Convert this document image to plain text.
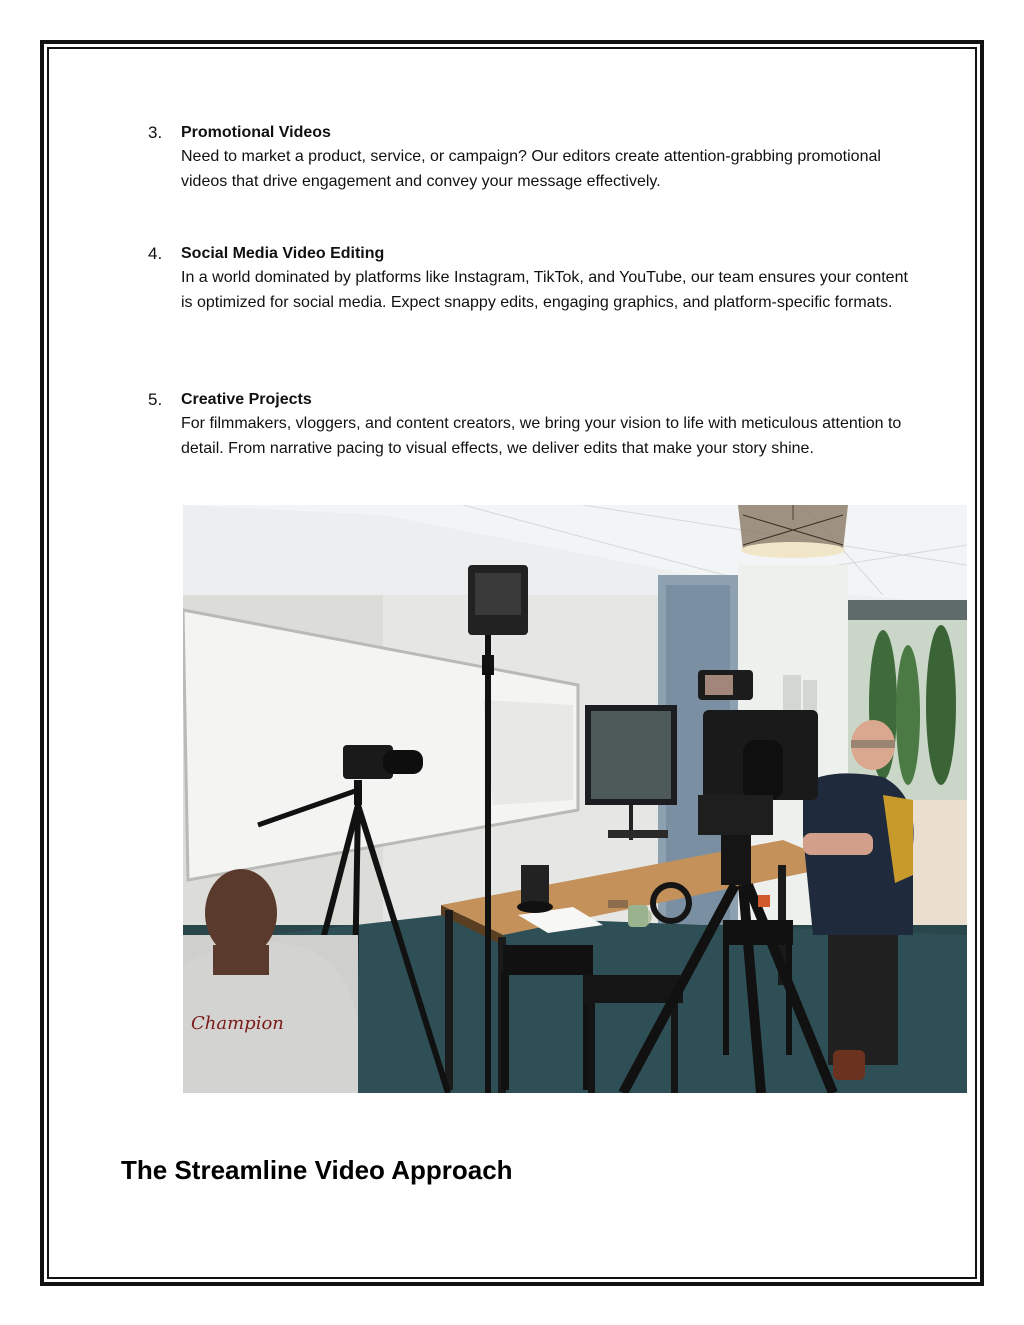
3. Promotional Videos
Need to market a product, service, or campaign? Our editors create attention-grabbing promotional videos that drive engagement and convey your message effectively.
4. Social Media Video Editing
In a world dominated by platforms like Instagram, TikTok, and YouTube, our team ensures your content is optimized for social media. Expect snappy edits, engaging graphics, and platform-specific formats.
5. Creative Projects
For filmmakers, vloggers, and content creators, we bring your vision to life with meticulous attention to detail. From narrative pacing to visual effects, we deliver edits that make your story shine.
Champion
The Streamline Video Approach
